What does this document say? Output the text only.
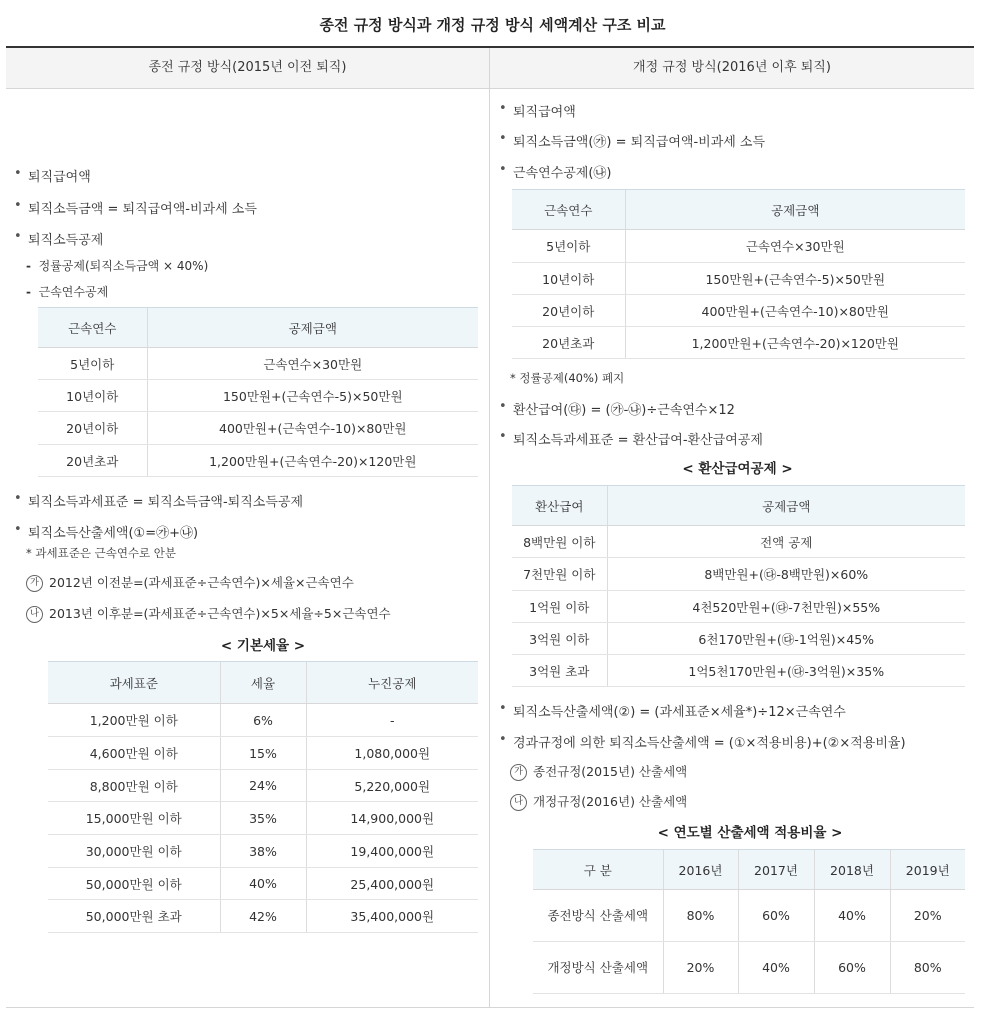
종전 규정 방식과 개정 규정 방식 세액계산 구조 비교
종전 규정 방식(2015년 이전 퇴직)	개정 규정 방식(2016년 이후 퇴직)
• 퇴직급여액
• 퇴직소득금액 = 퇴직급여액-비과세 소득
• 퇴직소득공제
- 정률공제(퇴직소득금액 × 40%)
- 근속연수공제
근속연수	공제금액
5년이하	근속연수×30만원
10년이하	150만원+(근속연수-5)×50만원
20년이하	400만원+(근속연수-10)×80만원
20년초과	1,200만원+(근속연수-20)×120만원
• 퇴직소득과세표준 = 퇴직소득금액-퇴직소득공제
• 퇴직소득산출세액(①=㉮+㉯)
* 과세표준은 근속연수로 안분
가 2012년 이전분=(과세표준÷근속연수)×세율×근속연수
나 2013년 이후분=(과세표준÷근속연수)×5×세율÷5×근속연수
< 기본세율 >
과세표준	세율	누진공제
1,200만원 이하	6%	-
4,600만원 이하	15%	1,080,000원
8,800만원 이하	24%	5,220,000원
15,000만원 이하	35%	14,900,000원
30,000만원 이하	38%	19,400,000원
50,000만원 이하	40%	25,400,000원
50,000만원 초과	42%	35,400,000원
• 퇴직급여액
• 퇴직소득금액(㉮) = 퇴직급여액-비과세 소득
• 근속연수공제(㉯)
근속연수	공제금액
5년이하	근속연수×30만원
10년이하	150만원+(근속연수-5)×50만원
20년이하	400만원+(근속연수-10)×80만원
20년초과	1,200만원+(근속연수-20)×120만원
* 정률공제(40%) 폐지
• 환산급여(㉰) = (㉮-㉯)÷근속연수×12
• 퇴직소득과세표준 = 환산급여-환산급여공제
< 환산급여공제 >
환산급여	공제금액
8백만원 이하	전액 공제
7천만원 이하	8백만원+(㉰-8백만원)×60%
1억원 이하	4천520만원+(㉰-7천만원)×55%
3억원 이하	6천170만원+(㉰-1억원)×45%
3억원 초과	1억5천170만원+(㉰-3억원)×35%
• 퇴직소득산출세액(②) = (과세표준×세율*)÷12×근속연수
• 경과규정에 의한 퇴직소득산출세액 = (①×적용비용)+(②×적용비율)
가 종전규정(2015년) 산출세액
나 개정규정(2016년) 산출세액
< 연도별 산출세액 적용비율 >
구 분	2016년	2017년	2018년	2019년
종전방식 산출세액	80%	60%	40%	20%
개정방식 산출세액	20%	40%	60%	80%
